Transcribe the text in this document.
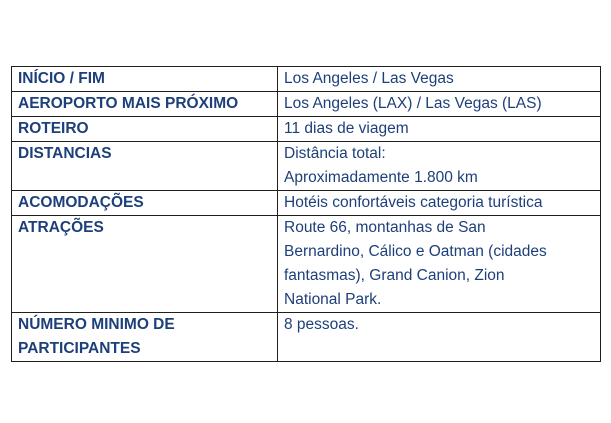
INÍCIO / FIM	Los Angeles / Las Vegas
AEROPORTO MAIS PRÓXIMO	Los Angeles (LAX) / Las Vegas (LAS)
ROTEIRO	11 dias de viagem
DISTANCIAS	Distância total:
Aproximadamente 1.800 km

ACOMODAÇÕES	Hotéis confortáveis categoria turística
ATRAÇÕES	Route 66, montanhas de San
Bernardino, Cálico e Oatman (cidades
fantasmas), Grand Canion, Zion
National Park.

NÚMERO MINIMO DE
PARTICIPANTES	8 pessoas.
